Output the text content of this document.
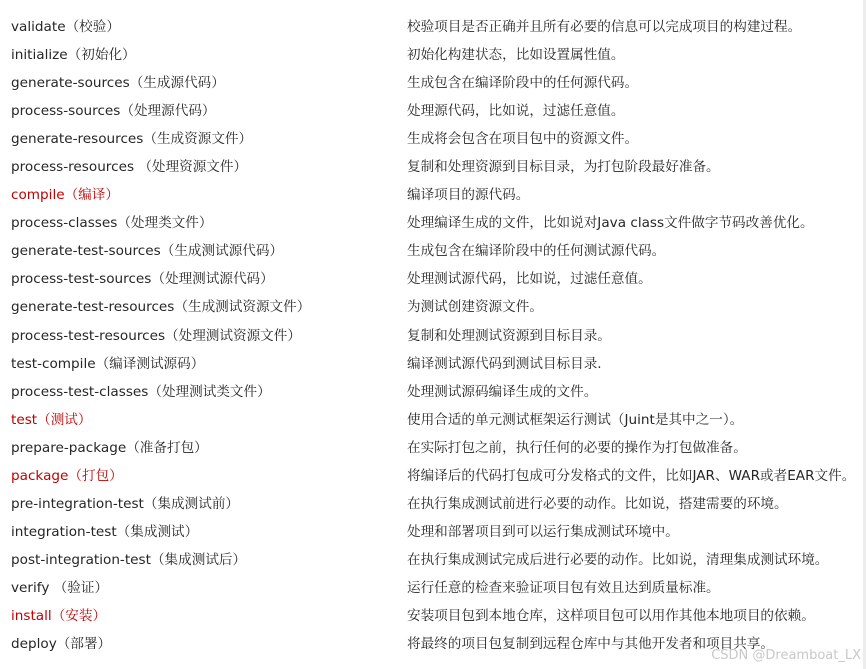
validate（校验）	校验项目是否正确并且所有必要的信息可以完成项目的构建过程。
initialize（初始化）	初始化构建状态，比如设置属性值。
generate-sources（生成源代码）	生成包含在编译阶段中的任何源代码。
process-sources（处理源代码）	处理源代码，比如说，过滤任意值。
generate-resources（生成资源文件）	生成将会包含在项目包中的资源文件。
process-resources （处理资源文件）	复制和处理资源到目标目录，为打包阶段最好准备。
compile（编译）	编译项目的源代码。
process-classes（处理类文件）	处理编译生成的文件，比如说对Java class文件做字节码改善优化。
generate-test-sources（生成测试源代码）	生成包含在编译阶段中的任何测试源代码。
process-test-sources（处理测试源代码）	处理测试源代码，比如说，过滤任意值。
generate-test-resources（生成测试资源文件）	为测试创建资源文件。
process-test-resources（处理测试资源文件）	复制和处理测试资源到目标目录。
test-compile（编译测试源码）	编译测试源代码到测试目标目录.
process-test-classes（处理测试类文件）	处理测试源码编译生成的文件。
test（测试）	使用合适的单元测试框架运行测试（Juint是其中之一）。
prepare-package（准备打包）	在实际打包之前，执行任何的必要的操作为打包做准备。
package（打包）	将编译后的代码打包成可分发格式的文件，比如JAR、WAR或者EAR文件。
pre-integration-test（集成测试前）	在执行集成测试前进行必要的动作。比如说，搭建需要的环境。
integration-test（集成测试）	处理和部署项目到可以运行集成测试环境中。
post-integration-test（集成测试后）	在执行集成测试完成后进行必要的动作。比如说，清理集成测试环境。
verify （验证）	运行任意的检查来验证项目包有效且达到质量标准。
install（安装）	安装项目包到本地仓库，这样项目包可以用作其他本地项目的依赖。
deploy（部署）	将最终的项目包复制到远程仓库中与其他开发者和项目共享。
CSDN @Dreamboat_LX
